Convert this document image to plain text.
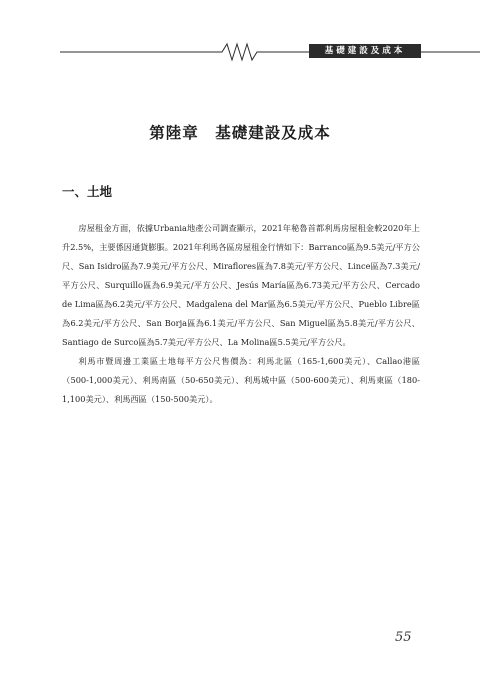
基礎建設及成本
第陸章　基礎建設及成本
一、土地

房屋租金方面，依據Urbania地產公司調查顯示，2021年秘魯首都利馬房屋租金較2020年上升2.5%，主要係因通貨膨脹。2021年利馬各區房屋租金行情如下：Barranco區為9.5美元/平方公尺、San Isidro區為7.9美元/平方公尺、Miraflores區為7.8美元/平方公尺、Lince區為7.3美元/平方公尺、Surquillo區為6.9美元/平方公尺、Jesús María區為6.73美元/平方公尺、Cercado de Lima區為6.2美元/平方公尺、Madgalena del Mar區為6.5美元/平方公尺、Pueblo Libre區為6.2美元/平方公尺、San Borja區為6.1美元/平方公尺、San Miguel區為5.8美元/平方公尺、Santiago de Surco區為5.7美元/平方公尺、La Molina區5.5美元/平方公尺。

利馬市暨周邊工業區土地每平方公尺售價為：利馬北區（165-1,600美元）、Callao港區（500-1,000美元）、利馬南區（50-650美元）、利馬城中區（500-600美元）、利馬東區（180-1,100美元）、利馬西區（150-500美元）。

55
